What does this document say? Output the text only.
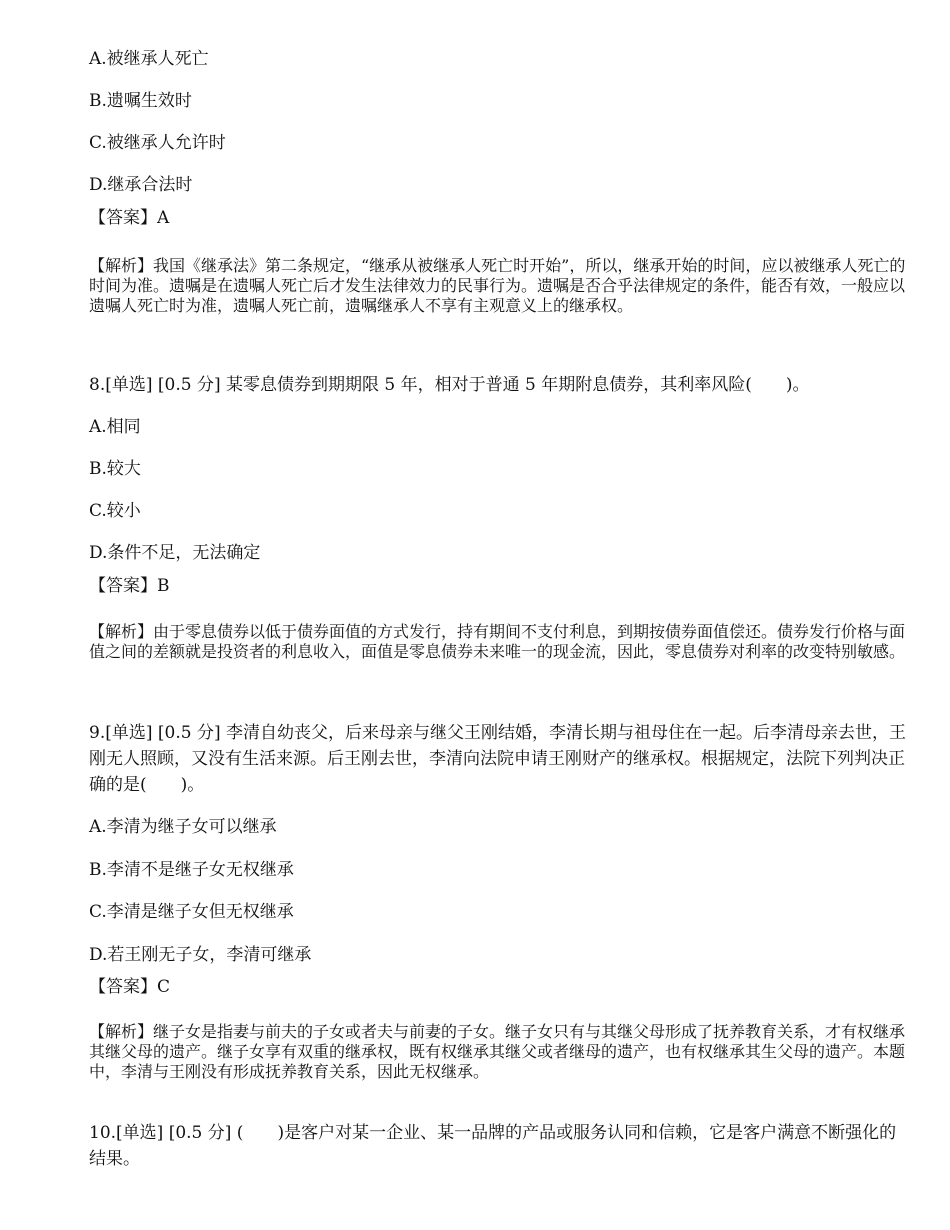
A.被继承人死亡
B.遗嘱生效时
C.被继承人允许时
D.继承合法时
【答案】A
【解析】我国《继承法》第二条规定，“继承从被继承人死亡时开始”，所以，继承开始的时间，应以被继承人死亡的时间为准。遗嘱是在遗嘱人死亡后才发生法律效力的民事行为。遗嘱是否合乎法律规定的条件，能否有效，一般应以遗嘱人死亡时为准，遗嘱人死亡前，遗嘱继承人不享有主观意义上的继承权。
8.[单选] [0.5 分] 某零息债券到期期限 5 年，相对于普通 5 年期附息债券，其利率风险(　　)。
A.相同
B.较大
C.较小
D.条件不足，无法确定
【答案】B
【解析】由于零息债券以低于债券面值的方式发行，持有期间不支付利息，到期按债券面值偿还。债券发行价格与面值之间的差额就是投资者的利息收入，面值是零息债券未来唯一的现金流，因此，零息债券对利率的改变特别敏感。
9.[单选] [0.5 分] 李清自幼丧父，后来母亲与继父王刚结婚，李清长期与祖母住在一起。后李清母亲去世，王刚无人照顾，又没有生活来源。后王刚去世，李清向法院申请王刚财产的继承权。根据规定，法院下列判决正确的是(　　)。
A.李清为继子女可以继承
B.李清不是继子女无权继承
C.李清是继子女但无权继承
D.若王刚无子女，李清可继承
【答案】C
【解析】继子女是指妻与前夫的子女或者夫与前妻的子女。继子女只有与其继父母形成了抚养教育关系，才有权继承其继父母的遗产。继子女享有双重的继承权，既有权继承其继父或者继母的遗产，也有权继承其生父母的遗产。本题中，李清与王刚没有形成抚养教育关系，因此无权继承。
10.[单选] [0.5 分] (　　)是客户对某一企业、某一品牌的产品或服务认同和信赖，它是客户满意不断强化的结果。
